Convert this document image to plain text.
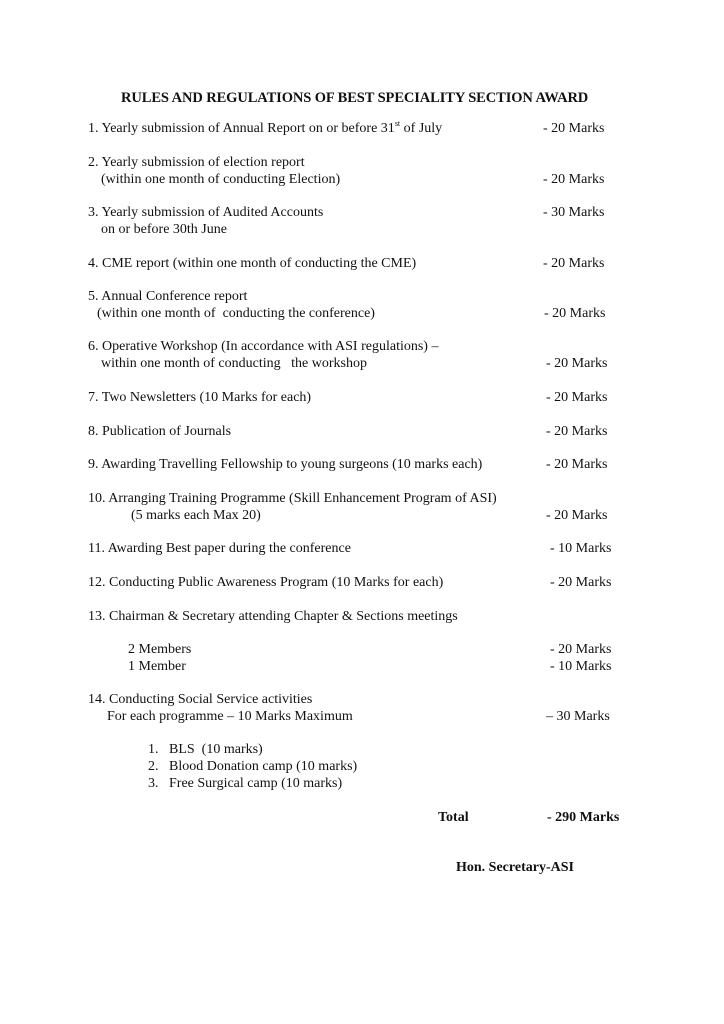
RULES AND REGULATIONS OF BEST SPECIALITY SECTION AWARD
1. Yearly submission of Annual Report on or before 31st of July	- 20 Marks
2. Yearly submission of election report
(within one month of conducting Election)	- 20 Marks
3. Yearly submission of Audited Accounts
on or before 30th June
- 30 Marks
4. CME report (within one month of conducting the CME)	- 20 Marks
5. Annual Conference report
(within one month of  conducting the conference)	- 20 Marks
6. Operative Workshop (In accordance with ASI regulations) –
within one month of conducting   the workshop	- 20 Marks
7. Two Newsletters (10 Marks for each)	- 20 Marks
8. Publication of Journals	- 20 Marks
9. Awarding Travelling Fellowship to young surgeons (10 marks each)	- 20 Marks
10. Arranging Training Programme (Skill Enhancement Program of ASI)
(5 marks each Max 20)	- 20 Marks
11. Awarding Best paper during the conference	- 10 Marks
12. Conducting Public Awareness Program (10 Marks for each)	- 20 Marks
13. Chairman & Secretary attending Chapter & Sections meetings
2 Members	- 20 Marks
1 Member	- 10 Marks
14. Conducting Social Service activities
For each programme – 10 Marks Maximum	– 30 Marks
1. BLS  (10 marks)
2. Blood Donation camp (10 marks)
3. Free Surgical camp (10 marks)
Total	- 290 Marks
Hon. Secretary-ASI
